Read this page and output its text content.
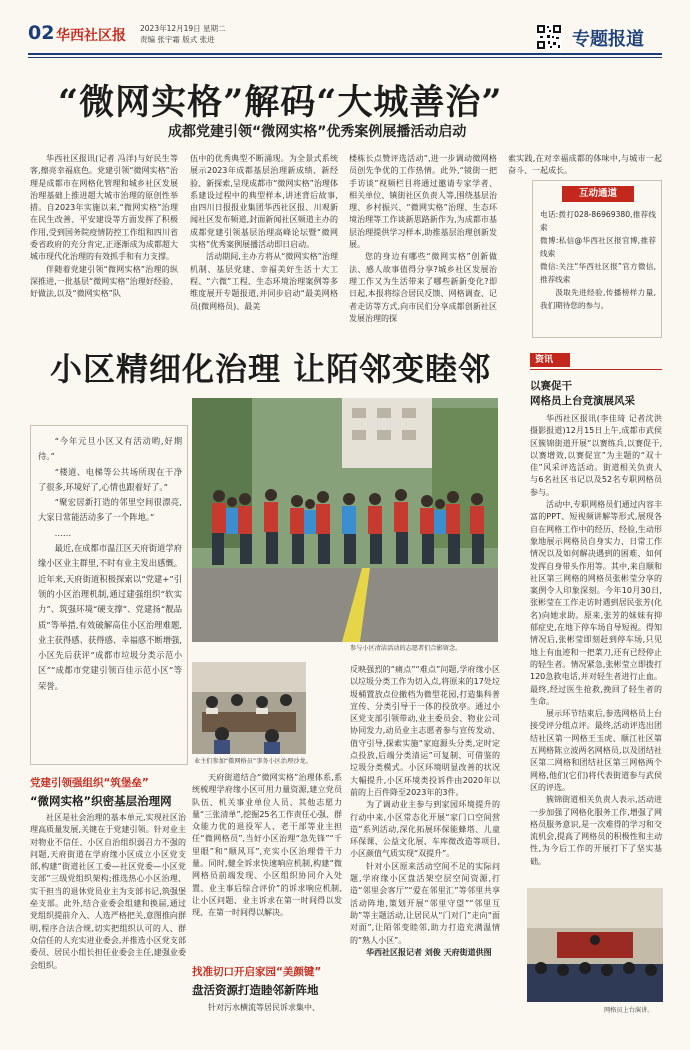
02 华西社区报 2023年12月19日 星期二
责编 张宇霜 版式 张进	专题报道
“微网实格”解码“大城善治”
成都党建引领“微网实格”优秀案例展播活动启动

华西社区报讯(记者 冯洋)与好民生等客,擦亮幸福底色。党建引领“微网实格”治理是成都市在网格化管理和城乡社区发展治理基础上推进超大城市治理的原创性举措。自2023年实施以来,“微网实格”治理在民生改善、平安建设等方面发挥了积极作用,受到国务院疫情防控工作组和四川省委省政府的充分肯定,正逐渐成为成都超大城市现代化治理的有效抓手和有力支撑。

伴随着党建引领“微网实格”治理的纵深推进,一批基层“微网实格”治理好经验、好做法,以及“微网实格”队

伍中的优秀典型不断涌现。为全景式系统展示2023年成都基层治理新成绩、新经验、新探索,呈现成都市“微网实格”治理体系建设过程中的典型样本,讲述背后故事,由四川日报报业集团华西社区报、川观新闻社区发布频道,封面新闻社区频道主办的成都党建引领基层治理高峰论坛暨“微网实格”优秀案例展播活动即日启动。

活动期间,主办方将从“微网实格”治理机制、基层党建、幸福美好生活十大工程、“六微”工程、生态环境治理案例等多维度展开专题报道,并同步启动“最美网格员(微网格员)、最美

楼栋长点赞评选活动”,进一步调动微网格员创先争优的工作热情。此外,“镜街一把手访谈”视频栏目将通过邀请专家学者、相关单位、镇街社区负责人等,围绕基层治理、乡村振兴、“微网实格”治理、生态环境治理等工作谈新思路新作为,为成都市基层治理提供学习样本,助推基层治理创新发展。

您的身边有哪些“微网实格”创新做法、感人故事值得分享?城乡社区发展治理工作又为生活带来了哪些新新变化?即日起,本报将综合居民反馈、网格调查、记者走访等方式,向市民们分享成都创新社区发展治理的探

索实践,在对幸福成都的体味中,与城市一起奋斗、一起成长。

互动通道

电话:拨打028-86969380,推荐线索

微博:私信@华西社区报官博,推荐线索

微信:关注“华西社区报”官方微信,推荐线索

汲取先进经验,传播榜样力量,我们期待您的参与。

小区精细化治理 让陌邻变睦邻

“今年元旦小区又有活动哟,好期待。”

“楼道、电梯等公共场所现在干净了很多,环境好了,心情也跟着好了。”

“聚宏居新打造的邻里空间很漂亮,大家日常能活动多了一个阵地。”

……

最近,在成都市温江区天府街道学府缘小区业主群里,不时有业主发出感慨。近年来,天府街道积极探索以“党建+”引领的小区治理机制,通过建强组织“软实力”、筑强环境“硬支撑”、党建扬“靓品质”等举措,有效破解高住小区治理难题,业主获得感、获得感、幸福感不断增强,小区先后获评“成都市垃圾分类示范小区”“成都市党建引领百佳示范小区”等荣誉。

参与小区清洁活动的志愿者们合影留念。
业主们参加“微网格员”事务小区治理沙龙。
党建引领强组织“筑堡垒”
“微网实格”织密基层治理网
社区是社会治理的基本单元,实现社区治理高质量发展,关键在于党建引领。针对业主对物业不信任、小区自治组织弱召力不强的问题,天府街道在学府缘小区成立小区党支部,构建“街道社区工委—社区党委—小区党支部”三级党组织架构;推选热心小区治理、实干担当的退休党员业主为支部书记,筑强堡垒支部。此外,结合业委会组建和换届,通过党组织提前介入、人选严格把关,意图推向群明,程序合法合规,切实把组织认可的人、群众信任的人充实进业委会,并推选小区党支部委员、居民小组长担任业委会主任,建强业委会组织。
天府街道结合“微网实格”治理体系,系统梳理学府缘小区可用力量资源,建立党员队伍、机关事业单位人员、其他志愿力量“三张清单”,挖掘25名工作责任心强、群众能力优的退役军人、老干部等业主担任“微网格员”,当好小区治理“急先锋”“千里眼”和“顺风耳”,充实小区治理骨干力量。同时,健全诉求快速响应机制,构建“微网格员前端发现、小区组织协同介入处置、业主事后综合评价”的诉求响应机制,让小区问题、业主诉求在第一时间得以发现、在第一时间得以解决。
找准切口开启家园“美颜键”
盘活资源打造睦邻新阵地
针对污水横流等居民诉求集中、

反映强烈的“痛点”“难点”问题,学府缘小区以垃圾分类工作为切入点,将原来的17处垃圾桶置放点位撤档为微型花园,打造集科普宣传、分类引导于一体的投放亭。通过小区党支部引领带动,业主委员会、物业公司协同发力,动员业主志愿者参与宣传发动、值守引导,探索实施“家庭源头分类,定时定点投放,后端分类清运”可复制、可借鉴的垃圾分类模式。小区环境明显改善的状况大幅提升,小区环境类投诉件由2020年以前的上百件降至2023年的3件。

为了调动业主参与到家园环境提升的行动中来,小区常态化开展“家门口空间营造”系列活动,深化拓展环保能蜂塔、儿童环保课、公益文化展、车库微改造等项目,小区颜值气质实现“双提升”。

针对小区原来活动空间不足的实际问题,学府缘小区盘活架空层空间资源,打造“邻里会客厅”“爱在邻里汇”等邻里共享活动阵地,策划开展“邻里守望”“邻里互助”等主题活动,让居民从“门对门”走向“面对面”,让陌邻变睦邻,助力打造充满温情的“熟人小区”。

华西社区报记者 刘俊 天府街道供图

资讯
以赛促干
网格员上台竞演展风采

华西社区报讯(李佳琦 记者沈洪 摄影报道)12月15日上午,成都市武侯区簇锦街道开展“以赛练兵,以赛促干,以赛增效,以赛促宣”为主题的“双十佳”风采评选活动。街道相关负责人与6名社区书记以及52名专职网格员参与。

活动中,专职网格员们通过内容丰富的PPT、短视频讲解等形式,展现各自在网格工作中的经历、经验,生动形象地展示网格员自身实力、日常工作情况以及如何解决遇到的困难、如何发挥自身带头作用等。其中,来自顺和社区第三网格的网格员张彬莹分享的案例令人印象深刻。今年10月30日,张彬莹在工作走访时遇到居民张芳(化名)向她求助。原来,张芳的妹妹有抑郁症史,在地下停车场自导短视。得知情况后,张彬莹即刻赶到停车场,只见地上有血迹和一把菜刀,还有已经停止的轻生者。情况紧急,张彬莹立即拨打120急救电话,并对轻生者进行止血。最终,经过医生抢救,挽回了轻生者的生命。

展示环节结束后,参选网格员上台接受评分组点评。最终,活动评选出团结社区第一网格王玉虎、顺江社区第五网格陈立波两名网格员,以及团结社区第二网格和团结社区第三网格两个网格,他们(它们)将代表街道参与武侯区的评选。

簇锦街道相关负责人表示,活动进一步加强了网格化服务工作,增强了网格员服务意识,是一次难得的学习和交流机会,提高了网格员的积极性和主动性,为今后工作的开展打下了坚实基础。

网格员上台演讲。
